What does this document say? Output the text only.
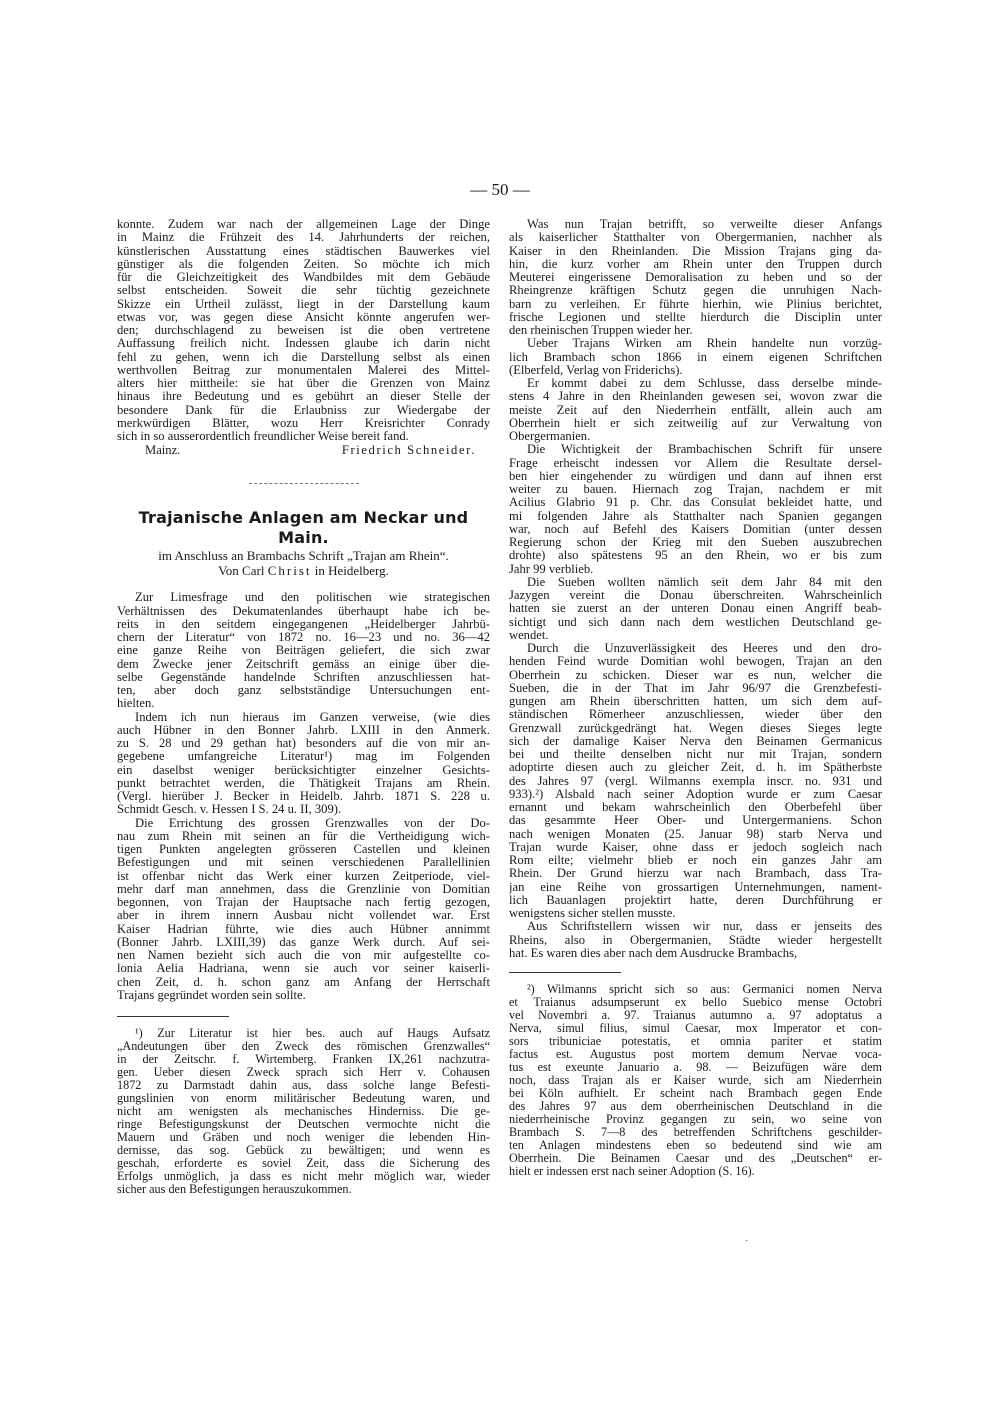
— 50 —

konnte. Zudem war nach der allgemeinen Lage der Dinge

in Mainz die Frühzeit des 14. Jahrhunderts der reichen,

künstlerischen Ausstattung eines städtischen Bauwerkes viel

günstiger als die folgenden Zeiten. So möchte ich mich

für die Gleichzeitigkeit des Wandbildes mit dem Gebäude

selbst entscheiden. Soweit die sehr tüchtig gezeichnete

Skizze ein Urtheil zulässt, liegt in der Darstellung kaum

etwas vor, was gegen diese Ansicht könnte angerufen wer-

den; durchschlagend zu beweisen ist die oben vertretene

Auffassung freilich nicht. Indessen glaube ich darin nicht

fehl zu gehen, wenn ich die Darstellung selbst als einen

werthvollen Beitrag zur monumentalen Malerei des Mittel-

alters hier mittheile: sie hat über die Grenzen von Mainz

hinaus ihre Bedeutung und es gebührt an dieser Stelle der

besondere Dank für die Erlaubniss zur Wiedergabe der

merkwürdigen Blätter, wozu Herr Kreisrichter Conrady

sich in so ausserordentlich freundlicher Weise bereit fand.

Mainz.	Friedrich Schneider.
Trajanische Anlagen am Neckar und Main.

im Anschluss an Brambachs Schrift „Trajan am Rhein“.

Von Carl Christ in Heidelberg.

Zur Limesfrage und den politischen wie strategischen

Verhältnissen des Dekumatenlandes überhaupt habe ich be-

reits in den seitdem eingegangenen „Heidelberger Jahrbü-

chern der Literatur“ von 1872 no. 16—23 und no. 36—42

eine ganze Reihe von Beiträgen geliefert, die sich zwar

dem Zwecke jener Zeitschrift gemäss an einige über die-

selbe Gegenstände handelnde Schriften anzuschliessen hat-

ten, aber doch ganz selbstständige Untersuchungen ent-

hielten.

Indem ich nun hieraus im Ganzen verweise, (wie dies

auch Hübner in den Bonner Jahrb. LXIII in den Anmerk.

zu S. 28 und 29 gethan hat) besonders auf die von mir an-

gegebene umfangreiche Literatur¹) mag im Folgenden

ein daselbst weniger berücksichtigter einzelner Gesichts-

punkt betrachtet werden, die Thätigkeit Trajans am Rhein.

(Vergl. hierüber J. Becker in Heidelb. Jahrb. 1871 S. 228 u.

Schmidt Gesch. v. Hessen I S. 24 u. II, 309).

Die Errichtung des grossen Grenzwalles von der Do-

nau zum Rhein mit seinen an für die Vertheidigung wich-

tigen Punkten angelegten grösseren Castellen und kleinen

Befestigungen und mit seinen verschiedenen Parallellinien

ist offenbar nicht das Werk einer kurzen Zeitperiode, viel-

mehr darf man annehmen, dass die Grenzlinie von Domitian

begonnen, von Trajan der Hauptsache nach fertig gezogen,

aber in ihrem innern Ausbau nicht vollendet war. Erst

Kaiser Hadrian führte, wie dies auch Hübner annimmt

(Bonner Jahrb. LXIII,39) das ganze Werk durch. Auf sei-

nen Namen bezieht sich auch die von mir aufgestellte co-

lonia Aelia Hadriana, wenn sie auch vor seiner kaiserli-

chen Zeit, d. h. schon ganz am Anfang der Herrschaft

Trajans gegründet worden sein sollte.

¹) Zur Literatur ist hier bes. auch auf Haugs Aufsatz

„Andeutungen über den Zweck des römischen Grenzwalles“

in der Zeitschr. f. Wirtemberg. Franken IX,261 nachzutra-

gen. Ueber diesen Zweck sprach sich Herr v. Cohausen

1872 zu Darmstadt dahin aus, dass solche lange Befesti-

gungslinien von enorm militärischer Bedeutung waren, und

nicht am wenigsten als mechanisches Hinderniss. Die ge-

ringe Befestigungskunst der Deutschen vermochte nicht die

Mauern und Gräben und noch weniger die lebenden Hin-

dernisse, das sog. Gebück zu bewältigen; und wenn es

geschah, erforderte es soviel Zeit, dass die Sicherung des

Erfolgs unmöglich, ja dass es nicht mehr möglich war, wieder

sicher aus den Befestigungen herauszukommen.

Was nun Trajan betrifft, so verweilte dieser Anfangs

als kaiserlicher Statthalter von Obergermanien, nachher als

Kaiser in den Rheinlanden. Die Mission Trajans ging da-

hin, die kurz vorher am Rhein unter den Truppen durch

Meuterei eingerissene Demoralisation zu heben und so der

Rheingrenze kräftigen Schutz gegen die unruhigen Nach-

barn zu verleihen. Er führte hierhin, wie Plinius berichtet,

frische Legionen und stellte hierdurch die Disciplin unter

den rheinischen Truppen wieder her.

Ueber Trajans Wirken am Rhein handelte nun vorzüg-

lich Brambach schon 1866 in einem eigenen Schriftchen

(Elberfeld, Verlag von Friderichs).

Er kommt dabei zu dem Schlusse, dass derselbe minde-

stens 4 Jahre in den Rheinlanden gewesen sei, wovon zwar die

meiste Zeit auf den Niederrhein entfällt, allein auch am

Oberrhein hielt er sich zeitweilig auf zur Verwaltung von

Obergermanien.

Die Wichtigkeit der Brambachischen Schrift für unsere

Frage erheischt indessen vor Allem die Resultate dersel-

ben hier eingehender zu würdigen und dann auf ihnen erst

weiter zu bauen. Hiernach zog Trajan, nachdem er mit

Acilius Glabrio 91 p. Chr. das Consulat bekleidet hatte, und

mi folgenden Jahre als Statthalter nach Spanien gegangen

war, noch auf Befehl des Kaisers Domitian (unter dessen

Regierung schon der Krieg mit den Sueben auszubrechen

drohte) also spätestens 95 an den Rhein, wo er bis zum

Jahr 99 verblieb.

Die Sueben wollten nämlich seit dem Jahr 84 mit den

Jazygen vereint die Donau überschreiten. Wahrscheinlich

hatten sie zuerst an der unteren Donau einen Angriff beab-

sichtigt und sich dann nach dem westlichen Deutschland ge-

wendet.

Durch die Unzuverlässigkeit des Heeres und den dro-

henden Feind wurde Domitian wohl bewogen, Trajan an den

Oberrhein zu schicken. Dieser war es nun, welcher die

Sueben, die in der That im Jahr 96/97 die Grenzbefesti-

gungen am Rhein überschritten hatten, um sich dem auf-

ständischen Römerheer anzuschliessen, wieder über den

Grenzwall zurückgedrängt hat. Wegen dieses Sieges legte

sich der damalige Kaiser Nerva den Beinamen Germanicus

bei und theilte denselben nicht nur mit Trajan, sondern

adoptirte diesen auch zu gleicher Zeit, d. h. im Spätherbste

des Jahres 97 (vergl. Wilmanns exempla inscr. no. 931 und

933).²) Alsbald nach seiner Adoption wurde er zum Caesar

ernannt und bekam wahrscheinlich den Oberbefehl über

das gesammte Heer Ober- und Untergermaniens. Schon

nach wenigen Monaten (25. Januar 98) starb Nerva und

Trajan wurde Kaiser, ohne dass er jedoch sogleich nach

Rom eilte; vielmehr blieb er noch ein ganzes Jahr am

Rhein. Der Grund hierzu war nach Brambach, dass Tra-

jan eine Reihe von grossartigen Unternehmungen, nament-

lich Bauanlagen projektirt hatte, deren Durchführung er

wenigstens sicher stellen musste.

Aus Schriftstellern wissen wir nur, dass er jenseits des

Rheins, also in Obergermanien, Städte wieder hergestellt

hat. Es waren dies aber nach dem Ausdrucke Brambachs,

²) Wilmanns spricht sich so aus: Germanici nomen Nerva

et Traianus adsumpserunt ex bello Suebico mense Octobri

vel Novembri a. 97. Traianus autumno a. 97 adoptatus a

Nerva, simul filius, simul Caesar, mox Imperator et con-

sors tribuniciae potestatis, et omnia pariter et statim

factus est. Augustus post mortem demum Nervae voca-

tus est exeunte Januario a. 98. — Beizufügen wäre dem

noch, dass Trajan als er Kaiser wurde, sich am Niederrhein

bei Köln aufhielt. Er scheint nach Brambach gegen Ende

des Jahres 97 aus dem oberrheinischen Deutschland in die

niederrheinische Provinz gegangen zu sein, wo seine von

Brambach S. 7—8 des betreffenden Schriftchens geschilder-

ten Anlagen mindestens eben so bedeutend sind wie am

Oberrhein. Die Beinamen Caesar und des „Deutschen“ er-

hielt er indessen erst nach seiner Adoption (S. 16).

·
